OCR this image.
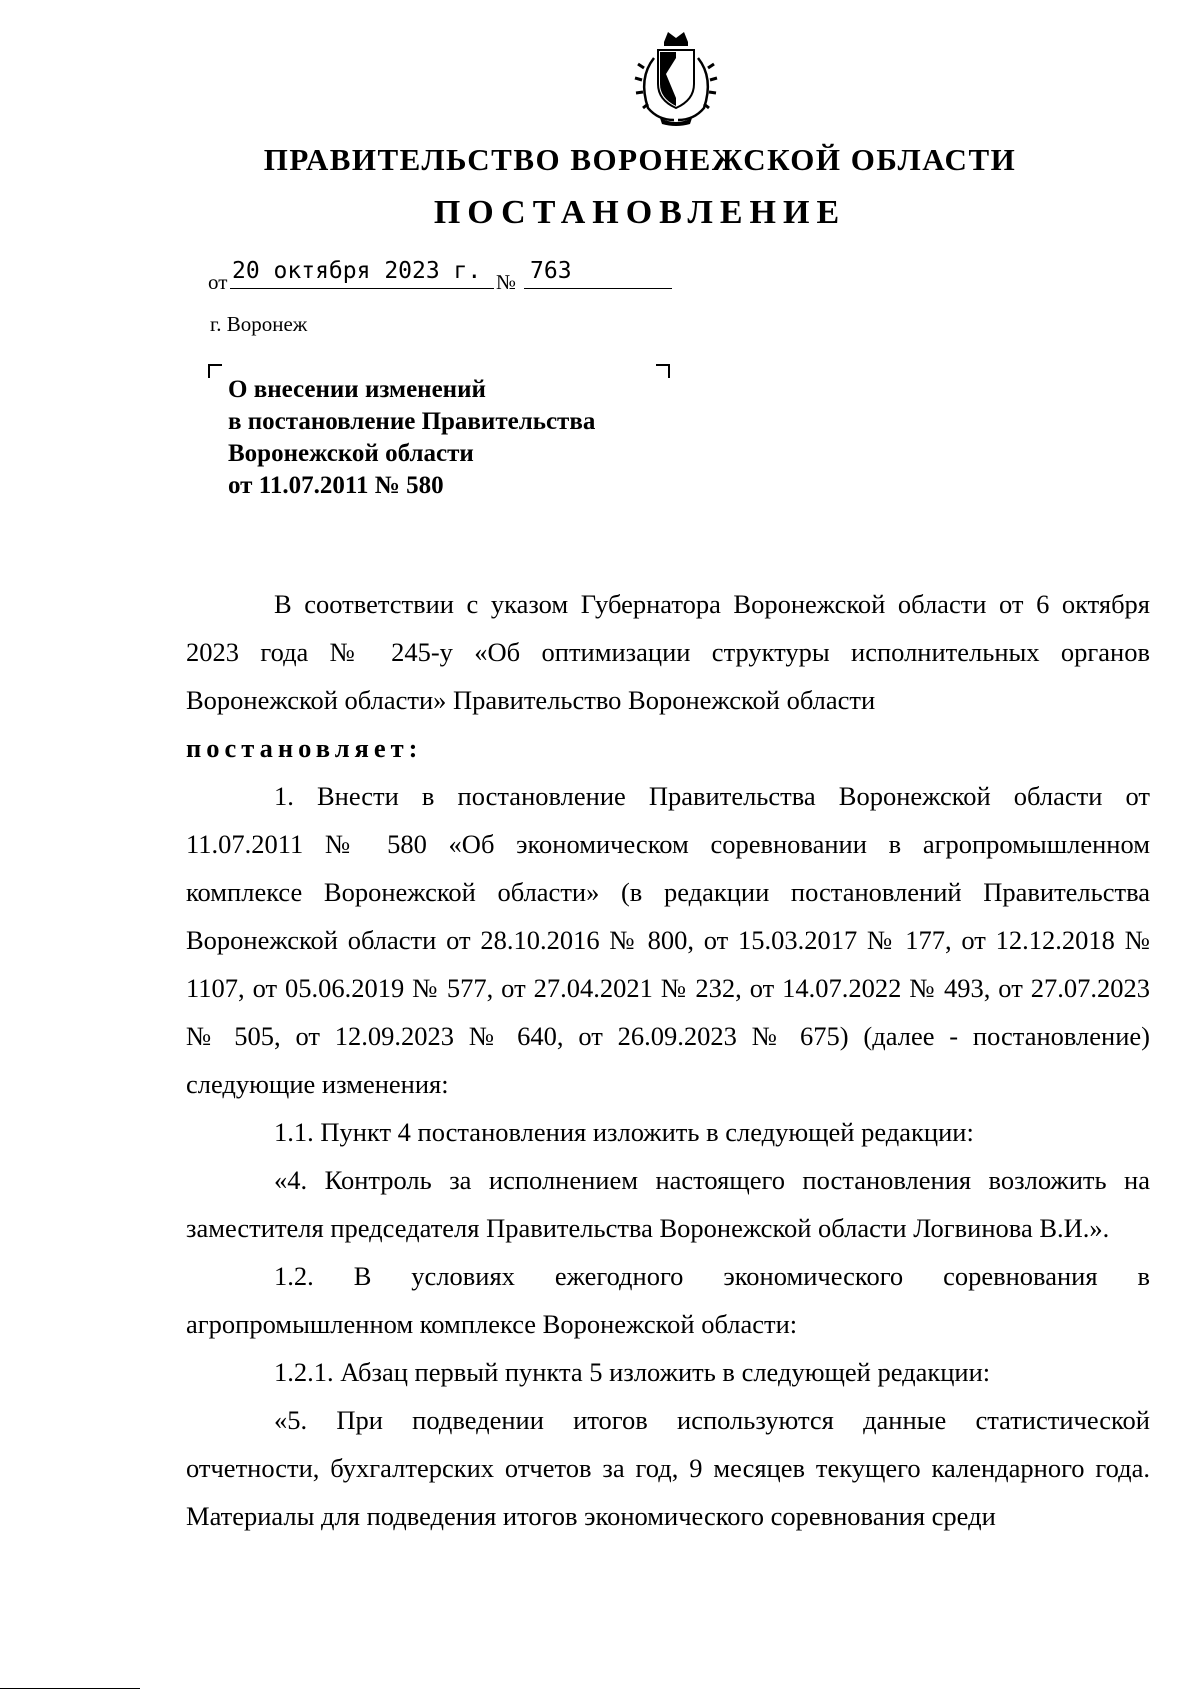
ПРАВИТЕЛЬСТВО ВОРОНЕЖСКОЙ ОБЛАСТИ
ПОСТАНОВЛЕНИЕ
от 20 октября 2023 г. № 763
г. Воронеж
О внесении изменений
в постановление Правительства
Воронежской области
от 11.07.2011 № 580

В соответствии с указом Губернатора Воронежской области от 6 октября 2023 года № 245-у «Об оптимизации структуры исполнительных органов Воронежской области» Правительство Воронежской области

постановляет:

1. Внести в постановление Правительства Воронежской области от 11.07.2011 № 580 «Об экономическом соревновании в агропромышленном комплексе Воронежской области» (в редакции постановлений Правительства Воронежской области от 28.10.2016 № 800, от 15.03.2017 № 177, от 12.12.2018 № 1107, от 05.06.2019 № 577, от 27.04.2021 № 232, от 14.07.2022 № 493, от 27.07.2023 № 505, от 12.09.2023 № 640, от 26.09.2023 № 675) (далее - постановление) следующие изменения:

1.1. Пункт 4 постановления изложить в следующей редакции:

«4. Контроль за исполнением настоящего постановления возложить на заместителя председателя Правительства Воронежской области Логвинова В.И.».

1.2. В условиях ежегодного экономического соревнования в агропромышленном комплексе Воронежской области:

1.2.1. Абзац первый пункта 5 изложить в следующей редакции:

«5. При подведении итогов используются данные статистической отчетности, бухгалтерских отчетов за год, 9 месяцев текущего календарного года. Материалы для подведения итогов экономического соревнования среди
